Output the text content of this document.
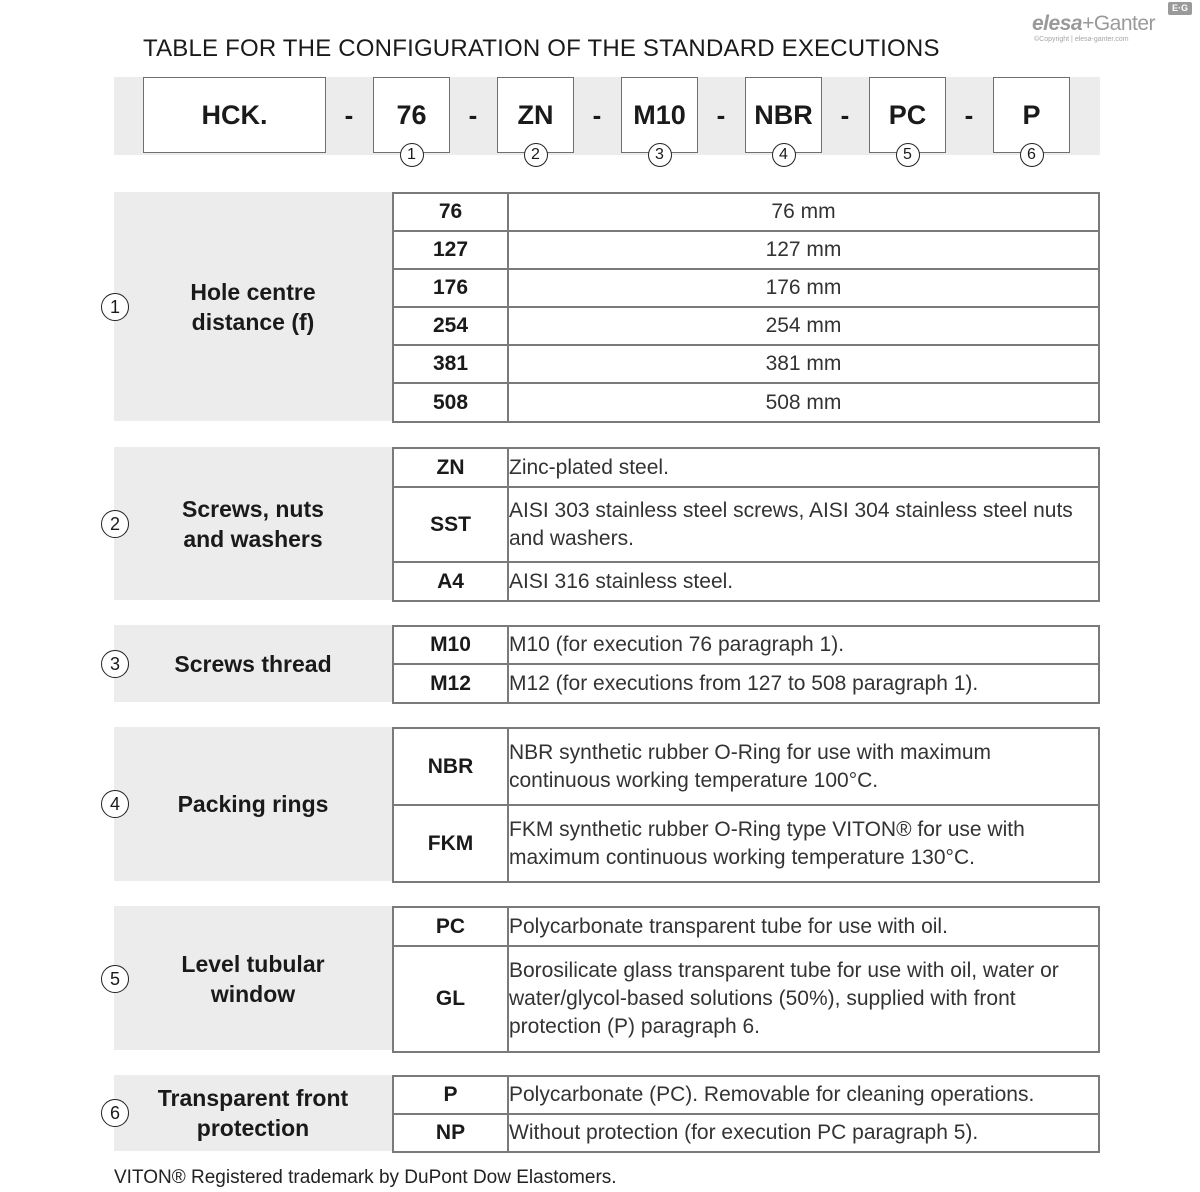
elesa+Ganter
E·G
©Copyright | elesa-ganter.com
TABLE FOR THE CONFIGURATION OF THE STANDARD EXECUTIONS
HCK.	76
1
ZN
2
M10
3
NBR
4
PC
5
P
6
-	-	-	-	-	-
Hole centre
distance (f)
1
76	76 mm
127	127 mm
176	176 mm
254	254 mm
381	381 mm
508	508 mm
Screws, nuts
and washers
2
ZN	Zinc-plated steel.
SST	AISI 303 stainless steel screws, AISI 304 stainless steel nuts and washers.
A4	AISI 316 stainless steel.
Screws thread
3
M10	M10 (for execution 76 paragraph 1).
M12	M12 (for executions from 127 to 508 paragraph 1).
Packing rings
4
NBR	NBR synthetic rubber O-Ring for use with maximum continuous working temperature 100°C.
FKM	FKM synthetic rubber O-Ring type VITON® for use with maximum continuous working temperature 130°C.
Level tubular
window
5
PC	Polycarbonate transparent tube for use with oil.
GL	Borosilicate glass transparent tube for use with oil, water or water/glycol-based solutions (50%), supplied with front protection (P) paragraph 6.
Transparent front
protection
6
P	Polycarbonate (PC). Removable for cleaning operations.
NP	Without protection (for execution PC paragraph 5).
VITON® Registered trademark by DuPont Dow Elastomers.
